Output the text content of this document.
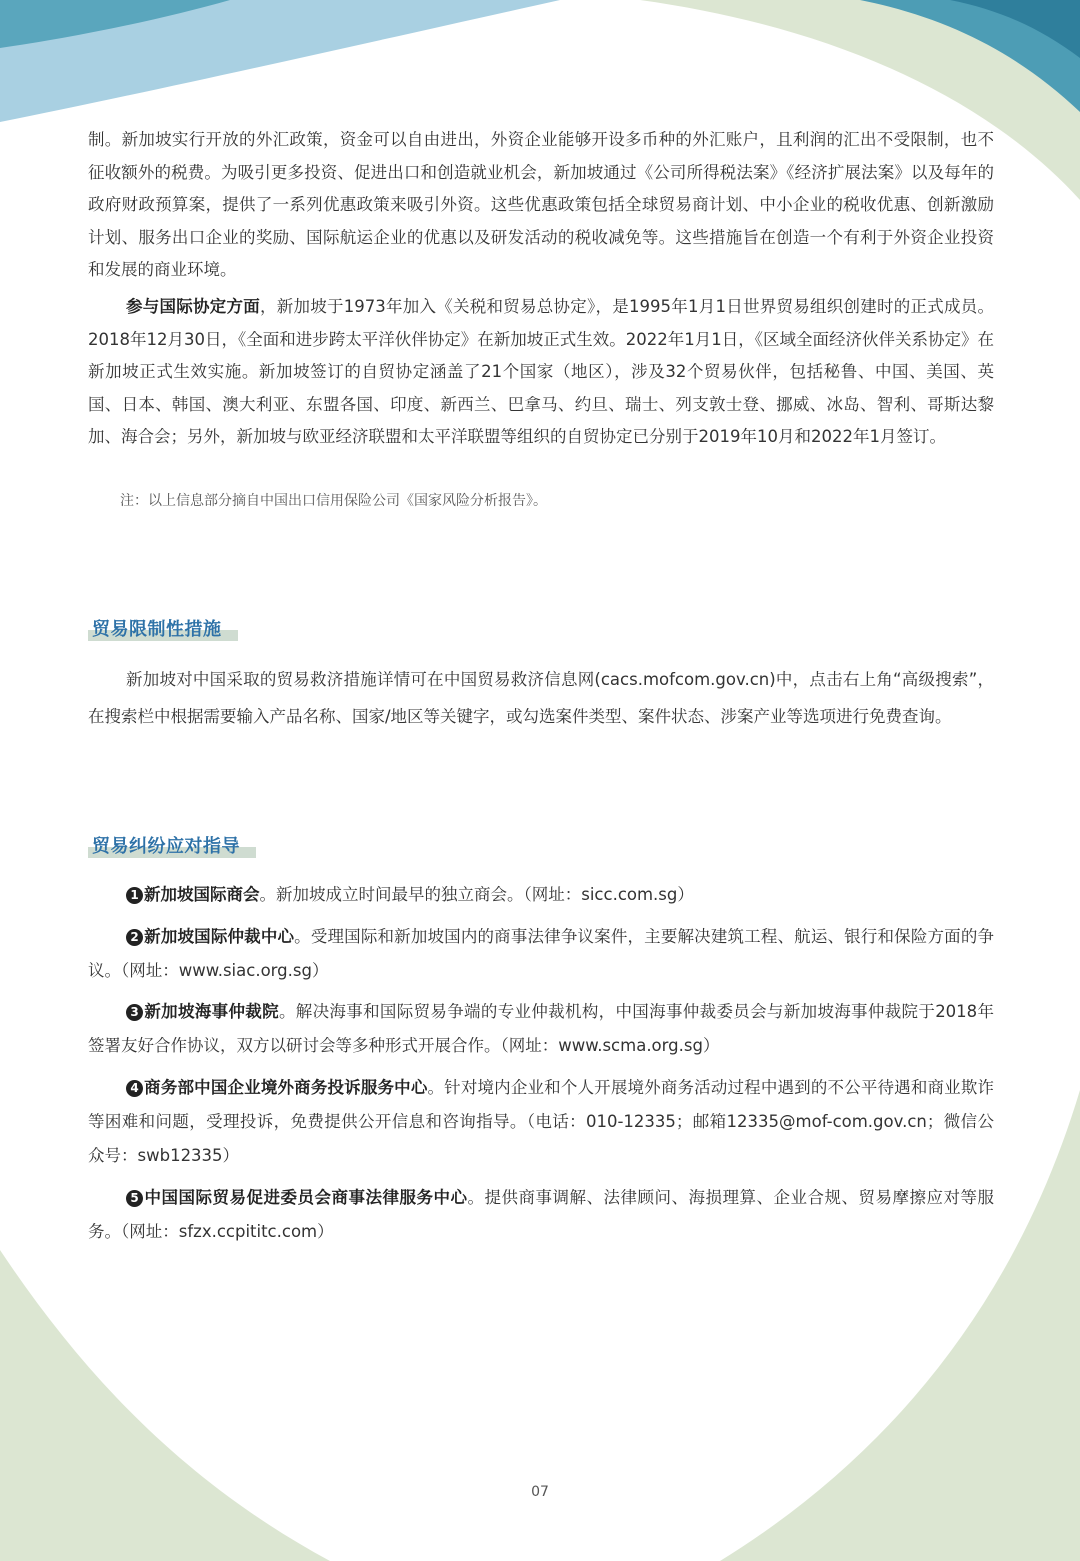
制。新加坡实行开放的外汇政策，资金可以自由进出，外资企业能够开设多币种的外汇账户，且利润的汇出不受限制，也不征收额外的税费。为吸引更多投资、促进出口和创造就业机会，新加坡通过《公司所得税法案》《经济扩展法案》以及每年的政府财政预算案，提供了一系列优惠政策来吸引外资。这些优惠政策包括全球贸易商计划、中小企业的税收优惠、创新激励计划、服务出口企业的奖励、国际航运企业的优惠以及研发活动的税收减免等。这些措施旨在创造一个有利于外资企业投资和发展的商业环境。

参与国际协定方面，新加坡于1973年加入《关税和贸易总协定》，是1995年1月1日世界贸易组织创建时的正式成员。2018年12月30日，《全面和进步跨太平洋伙伴协定》在新加坡正式生效。2022年1月1日，《区域全面经济伙伴关系协定》在新加坡正式生效实施。新加坡签订的自贸协定涵盖了21个国家（地区），涉及32个贸易伙伴，包括秘鲁、中国、美国、英国、日本、韩国、澳大利亚、东盟各国、印度、新西兰、巴拿马、约旦、瑞士、列支敦士登、挪威、冰岛、智利、哥斯达黎加、海合会；另外，新加坡与欧亚经济联盟和太平洋联盟等组织的自贸协定已分别于2019年10月和2022年1月签订。

注：以上信息部分摘自中国出口信用保险公司《国家风险分析报告》。

贸易限制性措施

新加坡对中国采取的贸易救济措施详情可在中国贸易救济信息网(cacs.mofcom.gov.cn)中，点击右上角“高级搜索”，在搜索栏中根据需要输入产品名称、国家/地区等关键字，或勾选案件类型、案件状态、涉案产业等选项进行免费查询。

贸易纠纷应对指导

1 新加坡国际商会。新加坡成立时间最早的独立商会。（网址：sicc.com.sg）

2 新加坡国际仲裁中心。受理国际和新加坡国内的商事法律争议案件，主要解决建筑工程、航运、银行和保险方面的争议。（网址：www.siac.org.sg）

3 新加坡海事仲裁院。解决海事和国际贸易争端的专业仲裁机构，中国海事仲裁委员会与新加坡海事仲裁院于2018年签署友好合作协议，双方以研讨会等多种形式开展合作。（网址：www.scma.org.sg）

4 商务部中国企业境外商务投诉服务中心。针对境内企业和个人开展境外商务活动过程中遇到的不公平待遇和商业欺诈等困难和问题，受理投诉，免费提供公开信息和咨询指导。（电话：010-12335；邮箱12335@mof-com.gov.cn；微信公众号：swb12335）

5 中国国际贸易促进委员会商事法律服务中心。提供商事调解、法律顾问、海损理算、企业合规、贸易摩擦应对等服务。（网址：sfzx.ccpititc.com）

07
